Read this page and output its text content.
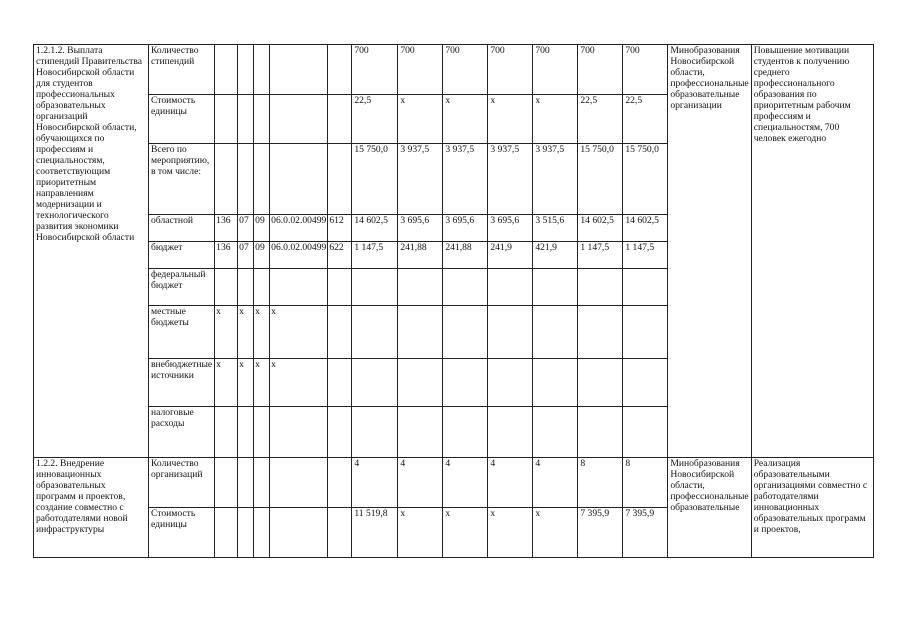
1.2.1.2. Выплата стипендий Правительства Новосибирской области для студентов профессиональных образовательных организаций Новосибирской области, обучающихся по профессиям и специальностям, соответствующим приоритетным направлениям модернизации и технологического развития экономики Новосибирской области	Количество стипендий						700	700	700	700	700	700	700	Минобразования Новосибирской области, профессиональные образовательные организации	Повышение мотивации студентов к получению среднего профессионального образования по приоритетным рабочим профессиям и специальностям, 700 человек ежегодно
	Стоимость единицы						22,5	х	х	х	х	22,5	22,5		
	Всего по мероприятию, в том числе:						15 750,0	3 937,5	3 937,5	3 937,5	3 937,5	15 750,0	15 750,0		
	областной	136	07	09	06.0.02.00499	612	14 602,5	3 695,6	3 695,6	3 695,6	3 515,6	14 602,5	14 602,5		
	бюджет	136	07	09	06.0.02.00499	622	1 147,5	241,88	241,88	241,9	421,9	1 147,5	1 147,5		
	федеральный бюджет														
	местные бюджеты	х	х	х	х										
	внебюджетные источники	х	х	х	х										
	налоговые расходы														
1.2.2. Внедрение инновационных образовательных программ и проектов, создание совместно с работодателями новой инфраструктуры	Количество организаций						4	4	4	4	4	8	8	Минобразования Новосибирской области, профессиональные образовательные	Реализация образовательными организациями совместно с работодателями инновационных образовательных программ и проектов,
	Стоимость единицы						11 519,8	х	х	х	х	7 395,9	7 395,9		
